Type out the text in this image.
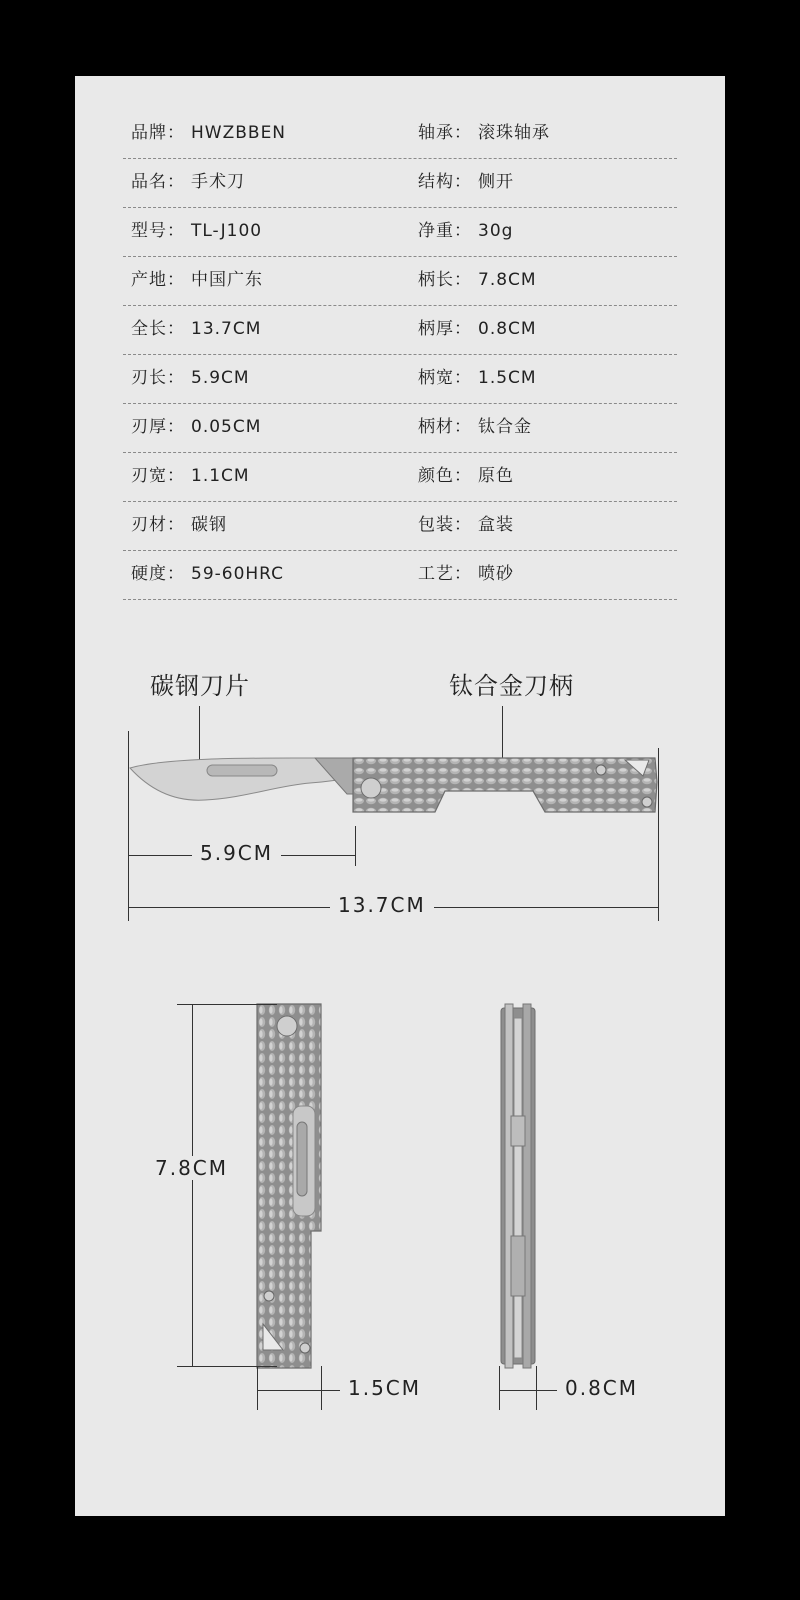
品牌： HWZBBEN	轴承： 滚珠轴承
品名： 手术刀	结构： 侧开
型号： TL-J100	净重： 30g
产地： 中国广东	柄长： 7.8CM
全长： 13.7CM	柄厚： 0.8CM
刃长： 5.9CM	柄宽： 1.5CM
刃厚： 0.05CM	柄材： 钛合金
刃宽： 1.1CM	颜色： 原色
刃材： 碳钢	包装： 盒装
硬度： 59-60HRC	工艺： 喷砂
碳钢刀片	钛合金刀柄
5.9CM
13.7CM
7.8CM
1.5CM	0.8CM
